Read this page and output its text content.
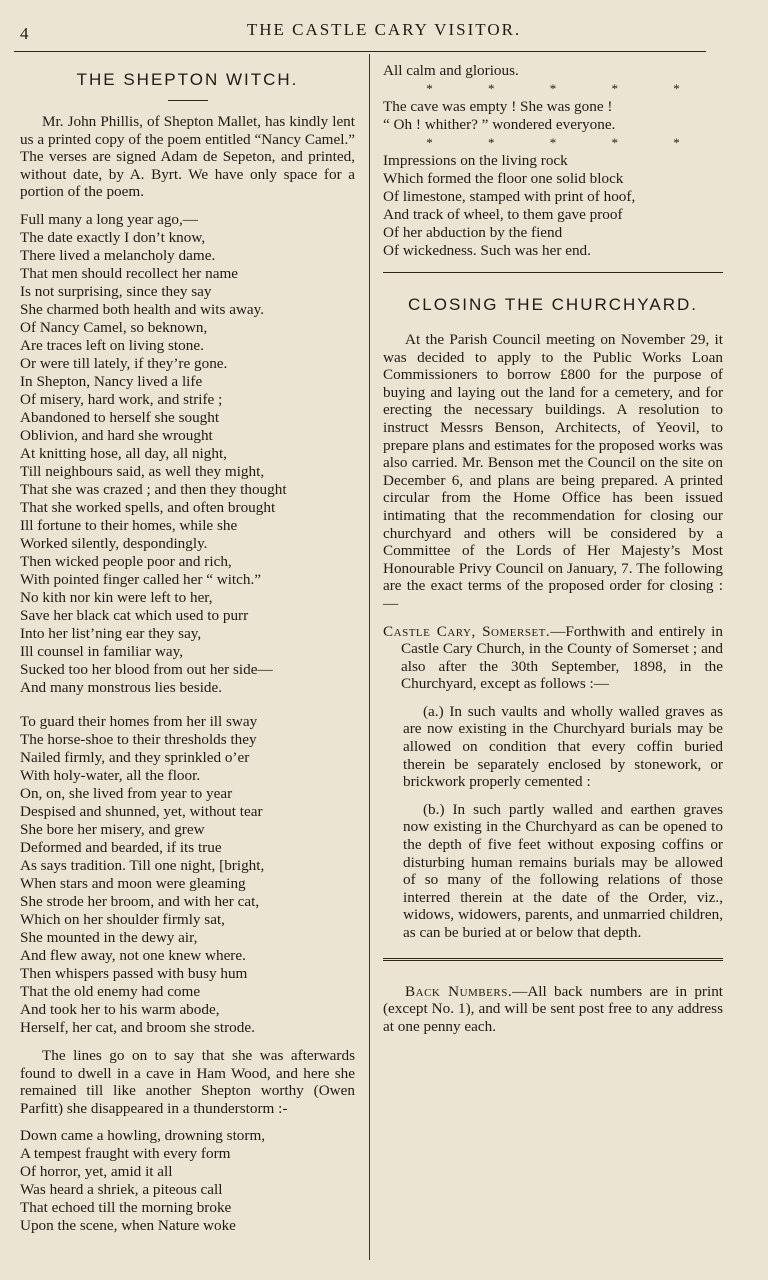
4	THE CASTLE CARY VISITOR.
THE SHEPTON WITCH.

Mr. John Phillis, of Shepton Mallet, has kindly lent us a printed copy of the poem entitled “Nancy Camel.” The verses are signed Adam de Sepeton, and printed, without date, by A. Byrt. We have only space for a portion of the poem.

Full many a long year ago,—
The date exactly I don’t know,
There lived a melancholy dame.
That men should recollect her name
Is not surprising, since they say
She charmed both health and wits away.
Of Nancy Camel, so beknown,
Are traces left on living stone.
Or were till lately, if they’re gone.
In Shepton, Nancy lived a life
Of misery, hard work, and strife ;
Abandoned to herself she sought
Oblivion, and hard she wrought
At knitting hose, all day, all night,
Till neighbours said, as well they might,
That she was crazed ; and then they thought
That she worked spells, and often brought
Ill fortune to their homes, while she
Worked silently, despondingly.
Then wicked people poor and rich,
With pointed finger called her “ witch.”
No kith nor kin were left to her,
Save her black cat which used to purr
Into her list’ning ear they say,
Ill counsel in familiar way,
Sucked too her blood from out her side—
And many monstrous lies beside.
To guard their homes from her ill sway
The horse-shoe to their thresholds they
Nailed firmly, and they sprinkled o’er
With holy-water, all the floor.
On, on, she lived from year to year
Despised and shunned, yet, without tear
She bore her misery, and grew
Deformed and bearded, if its true
As says tradition. Till one night, [bright,
When stars and moon were gleaming
She strode her broom, and with her cat,
Which on her shoulder firmly sat,
She mounted in the dewy air,
And flew away, not one knew where.
Then whispers passed with busy hum
That the old enemy had come
And took her to his warm abode,
Herself, her cat, and broom she strode.

The lines go on to say that she was afterwards found to dwell in a cave in Ham Wood, and here she remained till like another Shepton worthy (Owen Parfitt) she disappeared in a thunderstorm :-

Down came a howling, drowning storm,
A tempest fraught with every form
Of horror, yet, amid it all
Was heard a shriek, a piteous call
That echoed till the morning broke
Upon the scene, when Nature woke
All calm and glorious.
* * * * *
The cave was empty ! She was gone !
“ Oh ! whither? ” wondered everyone.
* * * * *
Impressions on the living rock
Which formed the floor one solid block
Of limestone, stamped with print of hoof,
And track of wheel, to them gave proof
Of her abduction by the fiend
Of wickedness. Such was her end.
CLOSING THE CHURCHYARD.

At the Parish Council meeting on November 29, it was decided to apply to the Public Works Loan Commissioners to borrow £800 for the purpose of buying and laying out the land for a cemetery, and for erecting the necessary buildings. A resolution to instruct Messrs Benson, Architects, of Yeovil, to prepare plans and estimates for the proposed works was also carried. Mr. Benson met the Council on the site on December 6, and plans are being prepared. A printed circular from the Home Office has been issued intimating that the recommendation for closing our churchyard and others will be considered by a Committee of the Lords of Her Majesty’s Most Honourable Privy Council on January, 7. The following are the exact terms of the proposed order for closing :—

Castle Cary, Somerset.—Forthwith and entirely in Castle Cary Church, in the County of Somerset ; and also after the 30th September, 1898, in the Churchyard, except as follows :—

(a.) In such vaults and wholly walled graves as are now existing in the Churchyard burials may be allowed on condition that every coffin buried therein be separately enclosed by stonework, or brickwork properly cemented :

(b.) In such partly walled and earthen graves now existing in the Churchyard as can be opened to the depth of five feet without exposing coffins or disturbing human remains burials may be allowed of so many of the following relations of those interred therein at the date of the Order, viz., widows, widowers, parents, and unmarried children, as can be buried at or below that depth.

Back Numbers.—All back numbers are in print (except No. 1), and will be sent post free to any address at one penny each.
